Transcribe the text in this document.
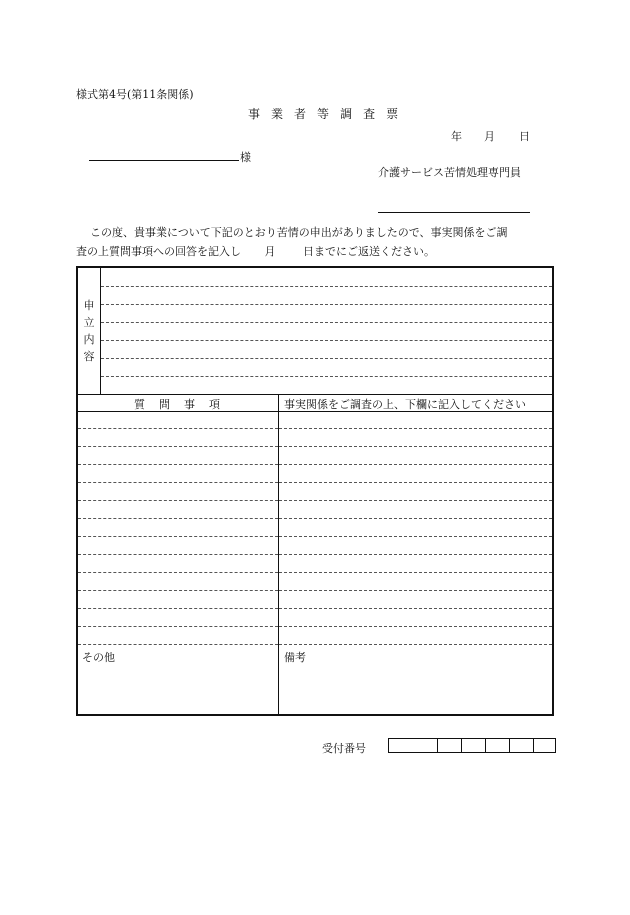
様式第4号(第11条関係)
事 業 者 等 調 査 票
年 月 日
様
介護サービス苦情処理専門員
この度、貴事業について下記のとおり苦情の申出がありましたので、事実関係をご調
査の上質問事項への回答を記入し 月	日までにご返送ください。
申
立
内
容
質 問 事 項	事実関係をご調査の上、下欄に記入してください
その他	備考
受付番号
